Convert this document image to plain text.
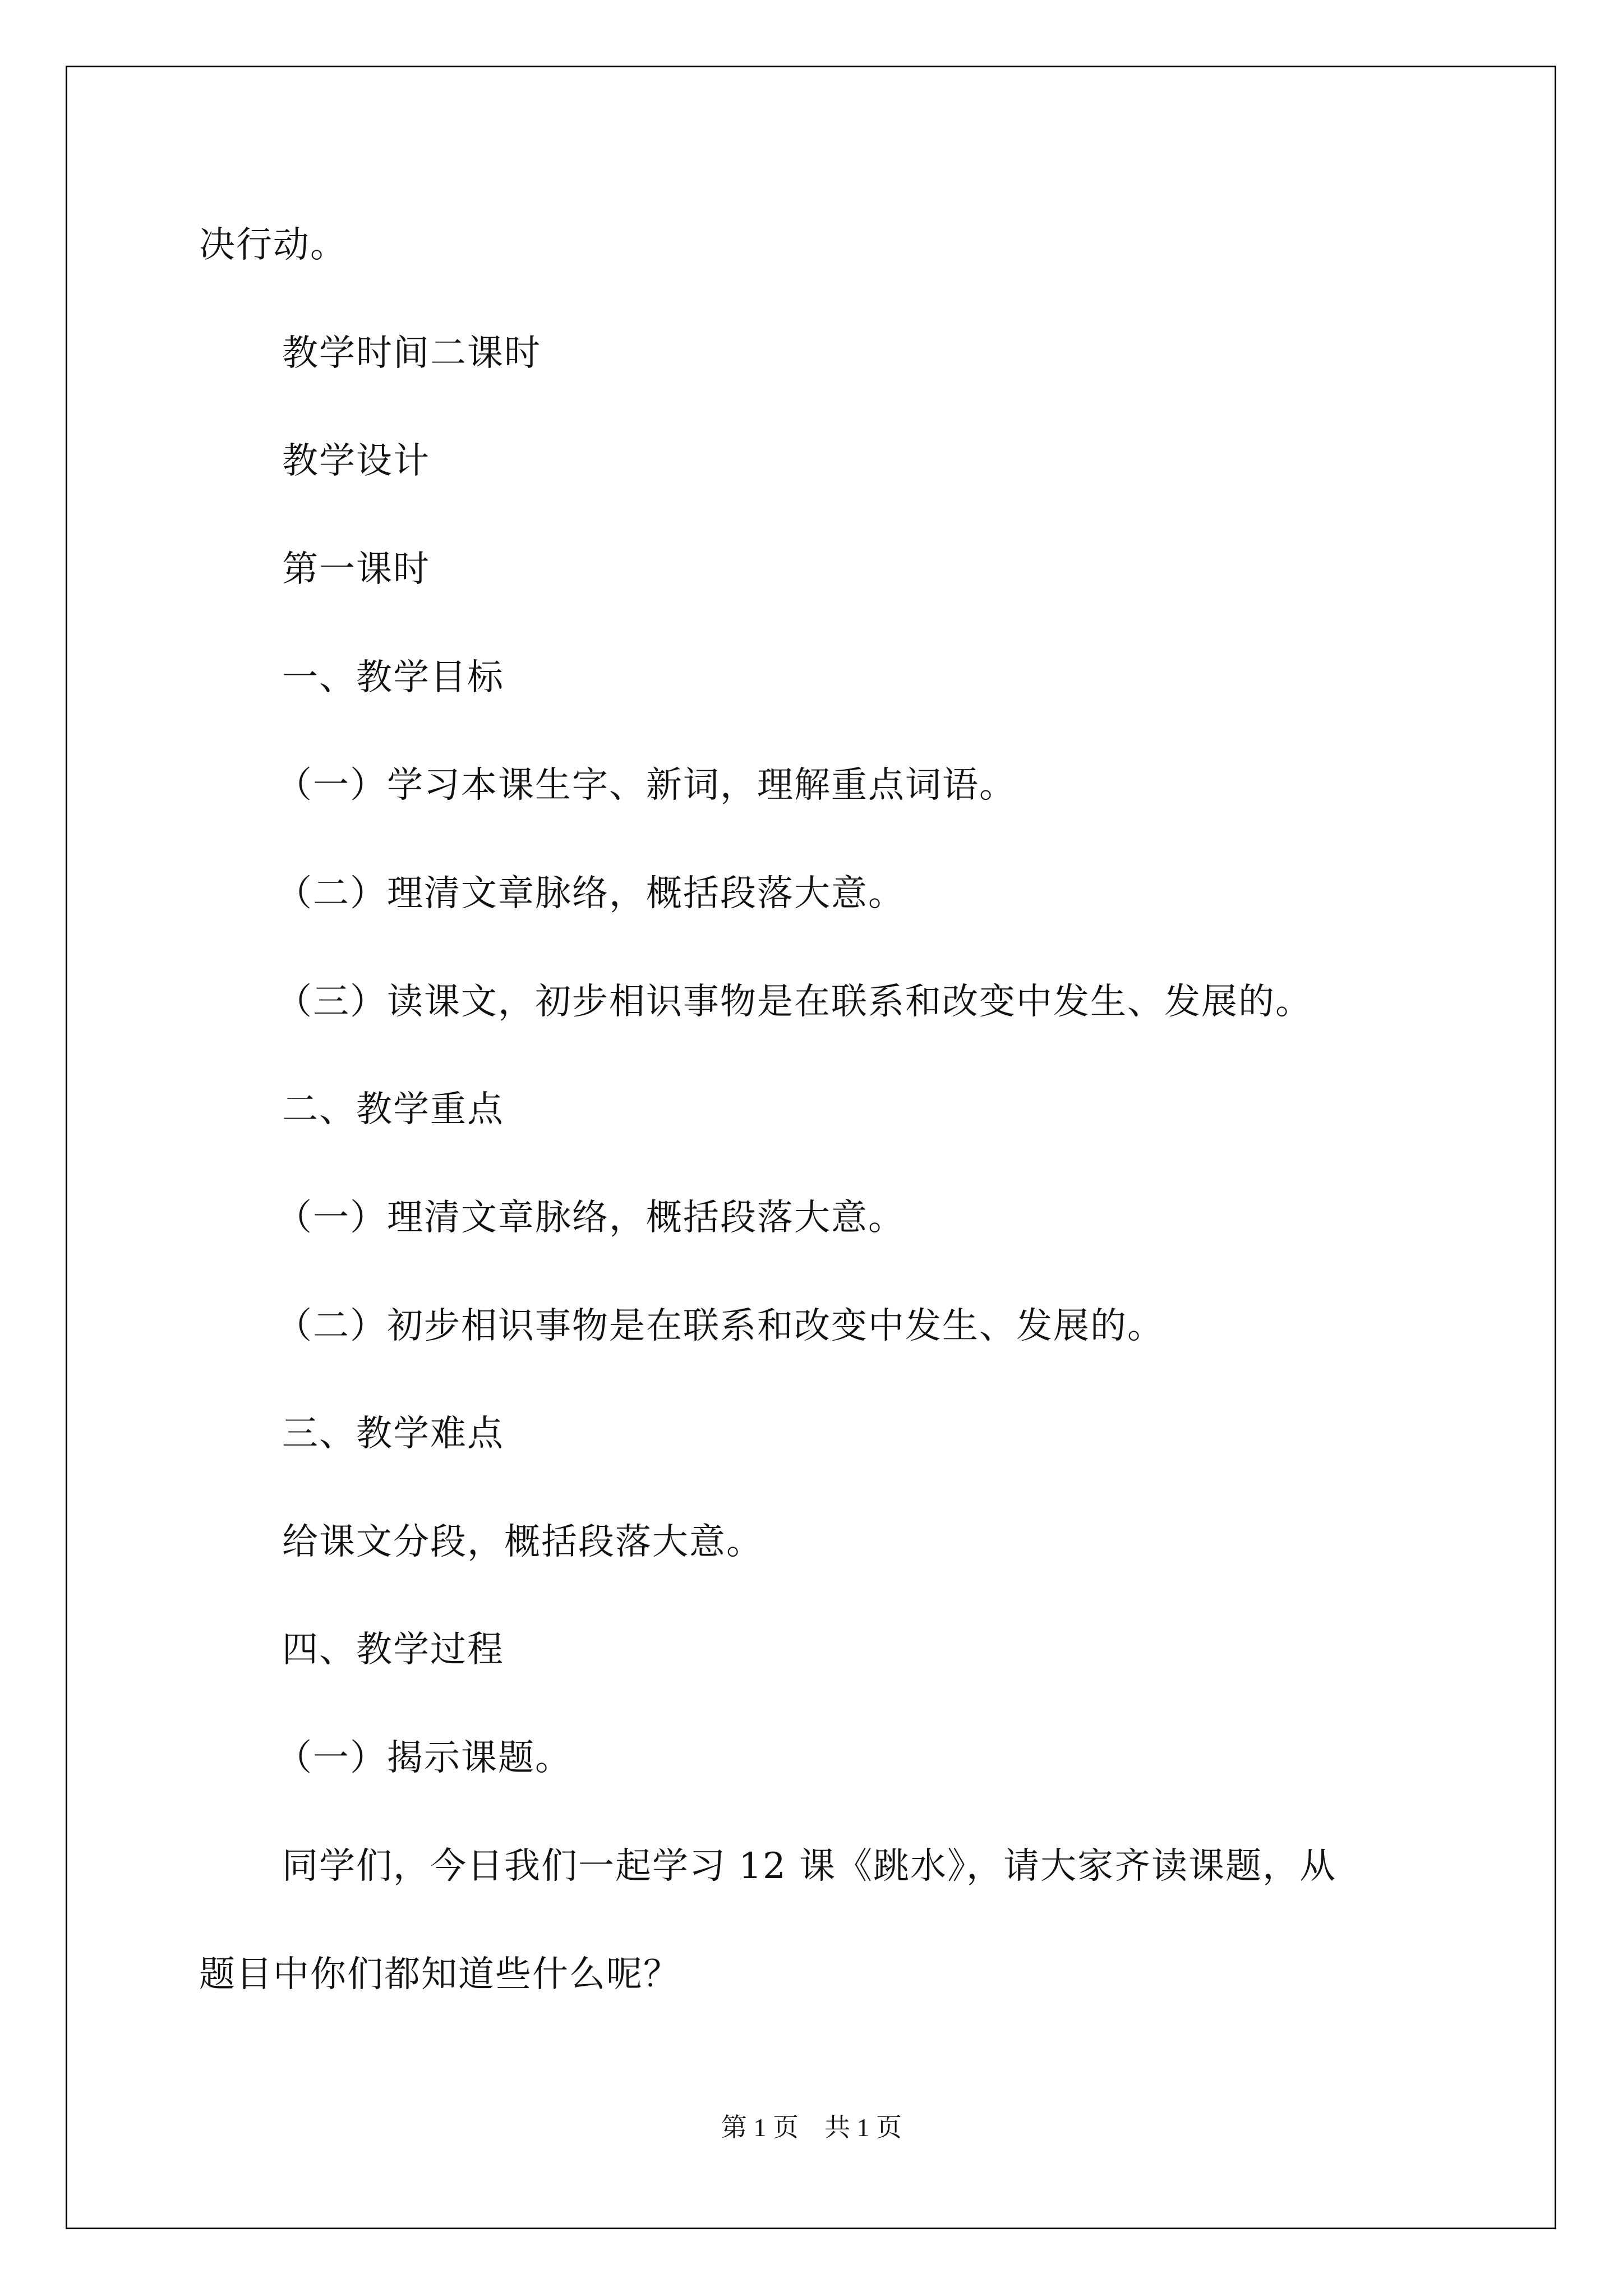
决行动。

教学时间二课时

教学设计

第一课时

一、教学目标

（一）学习本课生字、新词，理解重点词语。

（二）理清文章脉络，概括段落大意。

（三）读课文，初步相识事物是在联系和改变中发生、发展的。

二、教学重点

（一）理清文章脉络，概括段落大意。

（二）初步相识事物是在联系和改变中发生、发展的。

三、教学难点

给课文分段，概括段落大意。

四、教学过程

（一）揭示课题。

同学们，今日我们一起学习 12 课《跳水》，请大家齐读课题，从

题目中你们都知道些什么呢？

第 1 页    共 1 页
